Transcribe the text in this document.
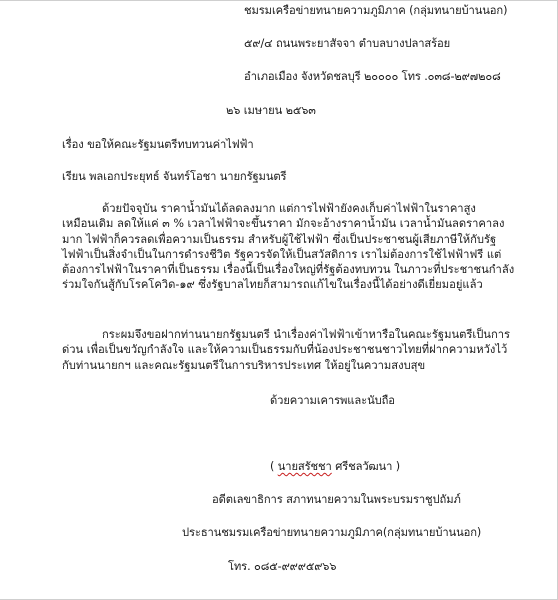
ชมรมเครือข่ายทนายความภูมิภาค (กลุ่มทนายบ้านนอก)
๕๙/๔ ถนนพระยาสัจจา ตำบลบางปลาสร้อย
อำเภอเมือง จังหวัดชลบุรี ๒๐๐๐๐ โทร .๐๓๘-๒๙๗๒๐๘
๒๖ เมษายน ๒๕๖๓
เรื่อง ขอให้คณะรัฐมนตรีทบทวนค่าไฟฟ้า
เรียน พลเอกประยุทธ์ จันทร์โอชา นายกรัฐมนตรี
ด้วยปัจจุบัน ราคาน้ำมันได้ลดลงมาก แต่การไฟฟ้ายังคงเก็บค่าไฟฟ้าในราคาสูง
เหมือนเดิม ลดให้แค่ ๓ % เวลาไฟฟ้าจะขึ้นราคา มักจะอ้างราคาน้ำมัน เวลาน้ำมันลดราคาลง
มาก ไฟฟ้าก็ควรลดเพื่อความเป็นธรรม สำหรับผู้ใช้ไฟฟ้า ซึ่งเป็นประชาชนผู้เสียภาษีให้กับรัฐ
ไฟฟ้าเป็นสิ่งจำเป็นในการดำรงชีวิต รัฐควรจัดให้เป็นสวัสดิการ เราไม่ต้องการใช้ไฟฟ้าฟรี แต่
ต้องการไฟฟ้าในราคาที่เป็นธรรม เรื่องนี้เป็นเรื่องใหญ่ที่รัฐต้องทบทวน ในภาวะที่ประชาชนกำลัง
ร่วมใจกันสู้กับโรคโควิด-๑๙ ซึ่งรัฐบาลไทยก็สามารถแก้ไขในเรื่องนี้ได้อย่างดีเยี่ยมอยู่แล้ว
กระผมจึงขอฝากท่านนายกรัฐมนตรี นำเรื่องค่าไฟฟ้าเข้าหารือในคณะรัฐมนตรีเป็นการ
ด่วน เพื่อเป็นขวัญกำลังใจ และให้ความเป็นธรรมกับที่น้องประชาชนชาวไทยที่ฝากความหวังไว้
กับท่านนายกฯ และคณะรัฐมนตรีในการบริหารประเทศ ให้อยู่ในความสงบสุข
ด้วยความเคารพและนับถือ
( นายสรัชชา ศรีชลวัฒนา )
อดีตเลขาธิการ สภาทนายความในพระบรมราชูปถัมภ์
ประธานชมรมเครือข่ายทนายความภูมิภาค(กลุ่มทนายบ้านนอก)
โทร. ๐๘๕-๙๙๙๕๙๖๖
